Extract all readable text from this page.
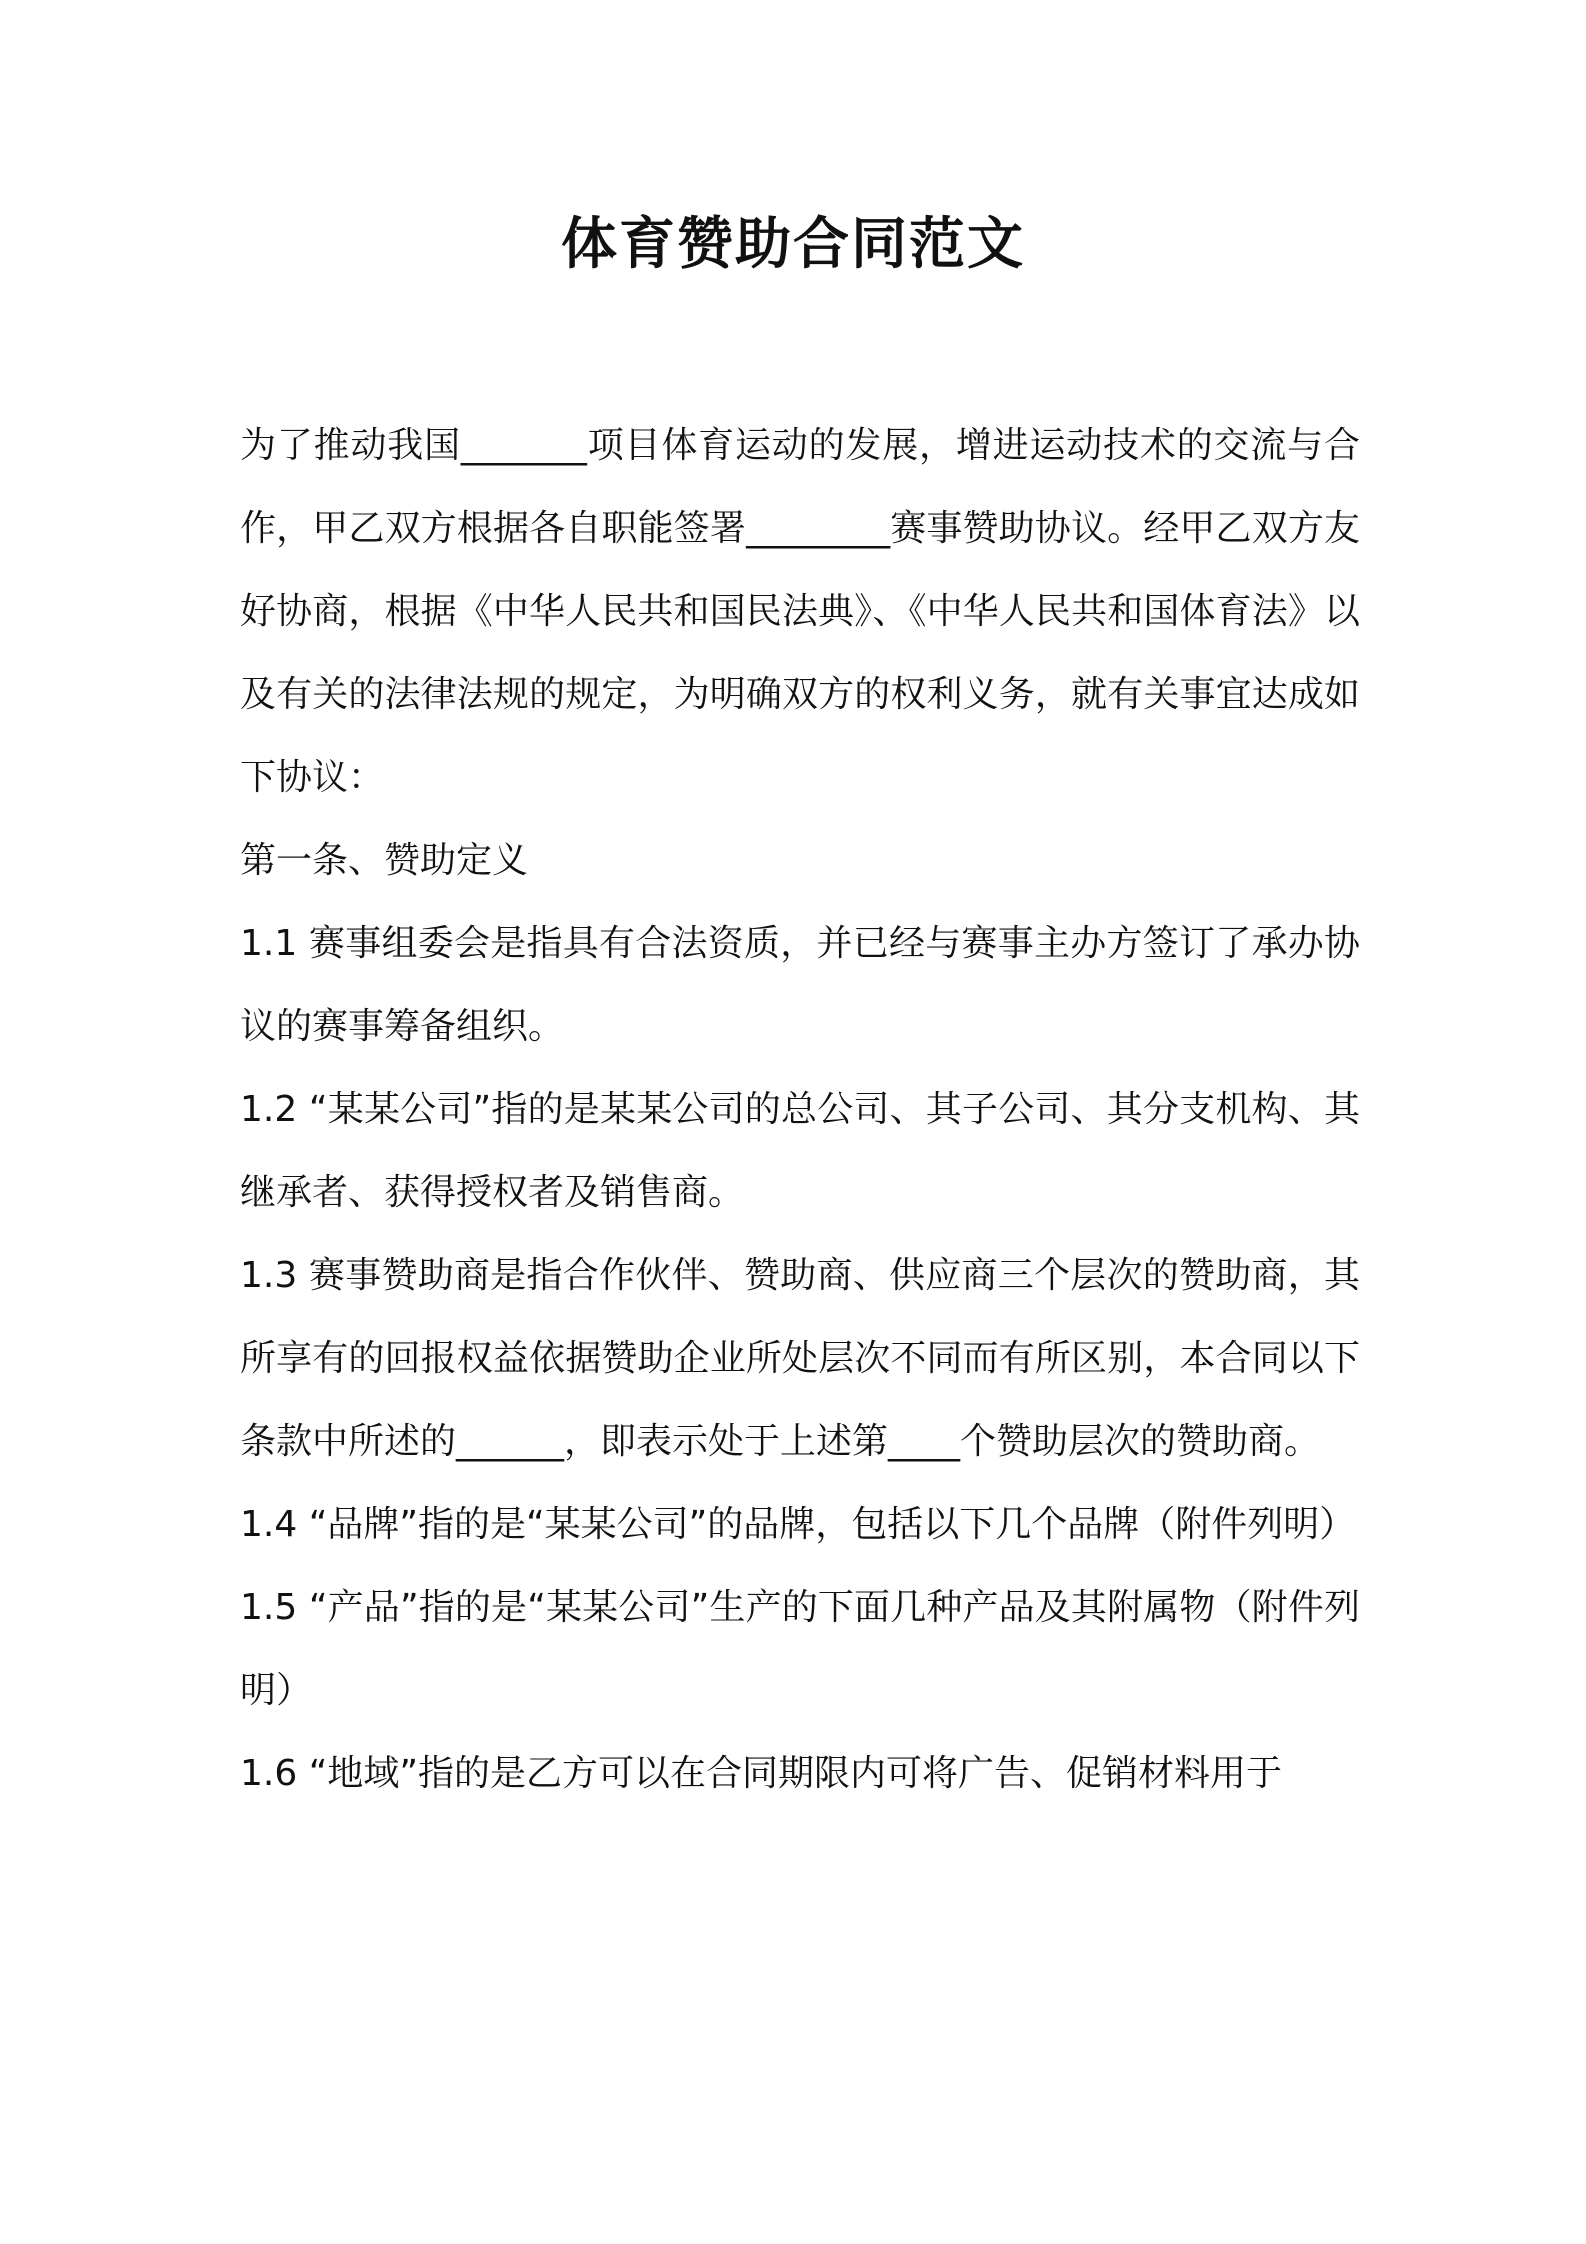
体育赞助合同范文

为了推动我国_______项目体育运动的发展，增进运动技术的交流与合作，甲乙双方根据各自职能签署________赛事赞助协议。经甲乙双方友好协商，根据《中华人民共和国民法典》、《中华人民共和国体育法》以及有关的法律法规的规定，为明确双方的权利义务，就有关事宜达成如下协议：

第一条、赞助定义

1.1 赛事组委会是指具有合法资质，并已经与赛事主办方签订了承办协议的赛事筹备组织。

1.2 “某某公司”指的是某某公司的总公司、其子公司、其分支机构、其继承者、获得授权者及销售商。

1.3 赛事赞助商是指合作伙伴、赞助商、供应商三个层次的赞助商，其所享有的回报权益依据赞助企业所处层次不同而有所区别，本合同以下条款中所述的______，即表示处于上述第____个赞助层次的赞助商。

1.4 “品牌”指的是“某某公司”的品牌，包括以下几个品牌（附件列明）

1.5 “产品”指的是“某某公司”生产的下面几种产品及其附属物（附件列明）

1.6 “地域”指的是乙方可以在合同期限内可将广告、促销材料用于
